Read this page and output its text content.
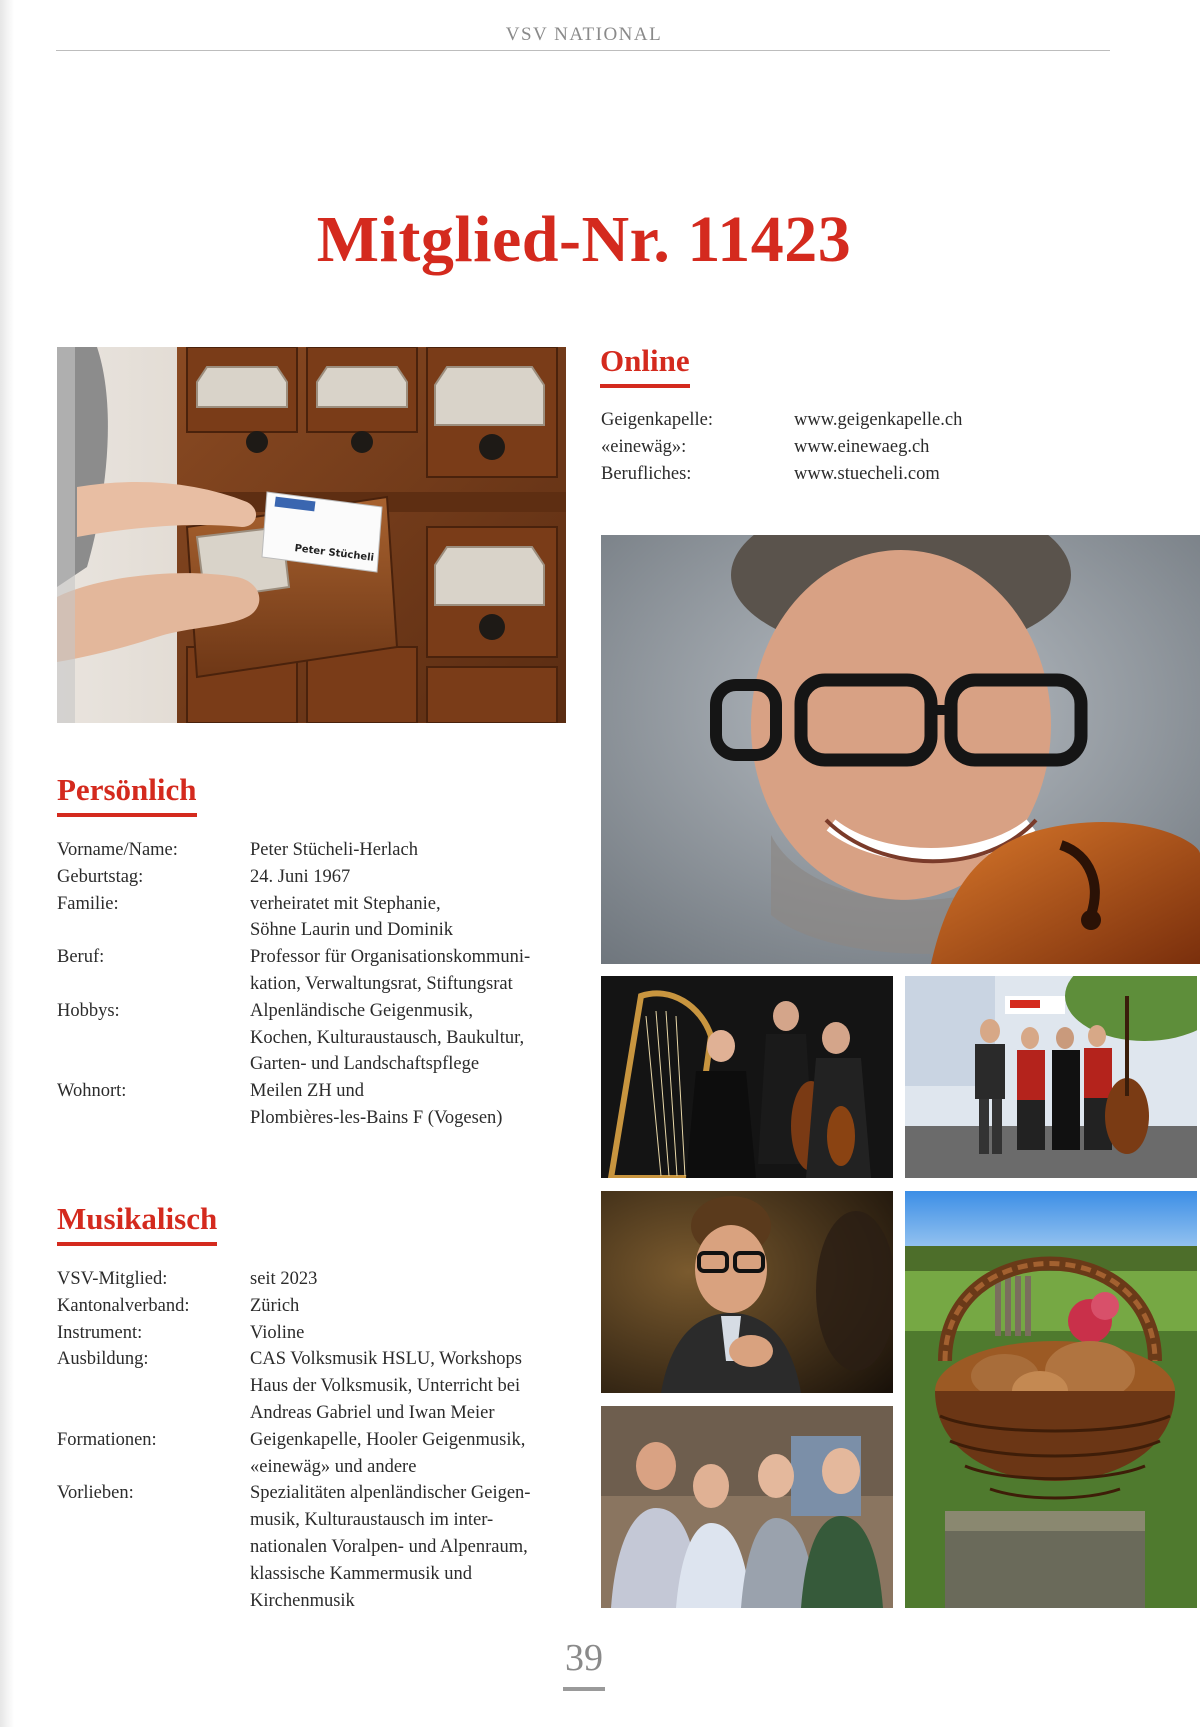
VSV NATIONAL
Mitglied-Nr. 11423
Peter Stücheli
Online
Geigenkapelle:	www.geigenkapelle.ch
«einewäg»:	www.einewaeg.ch
Berufliches:	www.stuecheli.com
Persönlich
Vorname/Name:	Peter Stücheli-Herlach
Geburtstag:	24. Juni 1967
Familie:	verheiratet mit Stephanie,
Söhne Laurin und Dominik
Beruf:	Professor für Organisationskommuni-
kation, Verwaltungsrat, Stiftungsrat
Hobbys:	Alpenländische Geigenmusik,
Kochen, Kulturaustausch, Baukultur,
Garten- und Landschaftspflege
Wohnort:	Meilen ZH und
Plombières-les-Bains F (Vogesen)
Musikalisch
VSV-Mitglied:	seit 2023
Kantonalverband:	Zürich
Instrument:	Violine
Ausbildung:	CAS Volksmusik HSLU, Workshops
Haus der Volksmusik, Unterricht bei
Andreas Gabriel und Iwan Meier
Formationen:	Geigenkapelle, Hooler Geigenmusik,
«einewäg» und andere
Vorlieben:	Spezialitäten alpenländischer Geigen-
musik, Kulturaustausch im inter-
nationalen Voralpen- und Alpenraum,
klassische Kammermusik und
Kirchenmusik
39
